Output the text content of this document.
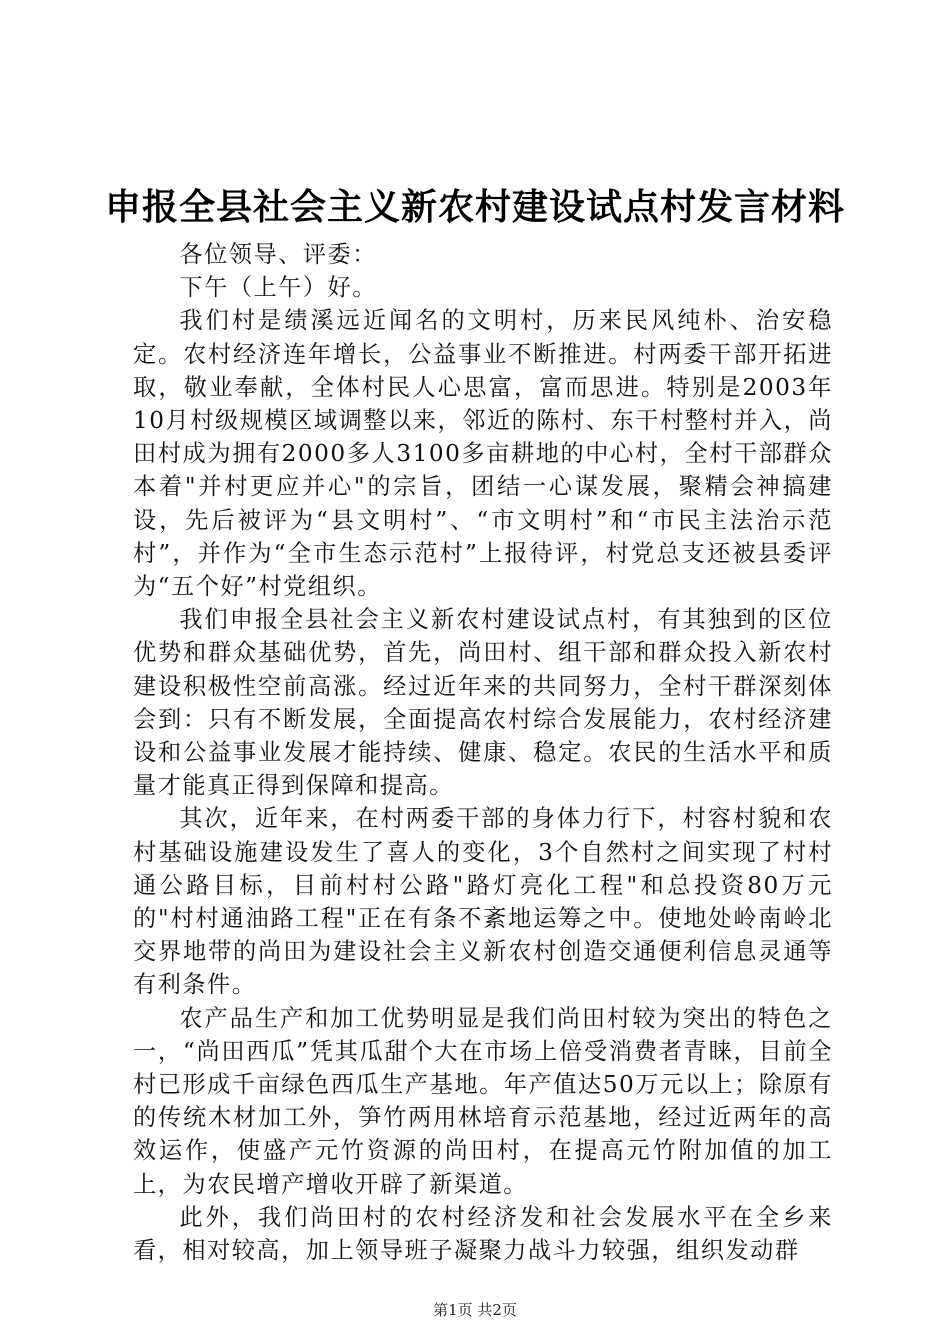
申报全县社会主义新农村建设试点村发言材料

各位领导、评委：

下午（上午）好。

我们村是绩溪远近闻名的文明村，历来民风纯朴、治安稳定。农村经济连年增长，公益事业不断推进。村两委干部开拓进取，敬业奉献，全体村民人心思富，富而思进。特别是2003年10月村级规模区域调整以来，邻近的陈村、东干村整村并入，尚田村成为拥有2000多人3100多亩耕地的中心村，全村干部群众本着"并村更应并心"的宗旨，团结一心谋发展，聚精会神搞建设，先后被评为“县文明村”、“市文明村”和“市民主法治示范村”，并作为“全市生态示范村”上报待评，村党总支还被县委评为“五个好”村党组织。

我们申报全县社会主义新农村建设试点村，有其独到的区位优势和群众基础优势，首先，尚田村、组干部和群众投入新农村建设积极性空前高涨。经过近年来的共同努力，全村干群深刻体会到：只有不断发展，全面提高农村综合发展能力，农村经济建设和公益事业发展才能持续、健康、稳定。农民的生活水平和质量才能真正得到保障和提高。

其次，近年来，在村两委干部的身体力行下，村容村貌和农村基础设施建设发生了喜人的变化，3个自然村之间实现了村村通公路目标，目前村村公路"路灯亮化工程"和总投资80万元的"村村通油路工程"正在有条不紊地运筹之中。使地处岭南岭北交界地带的尚田为建设社会主义新农村创造交通便利信息灵通等有利条件。

农产品生产和加工优势明显是我们尚田村较为突出的特色之一，“尚田西瓜”凭其瓜甜个大在市场上倍受消费者青睐，目前全村已形成千亩绿色西瓜生产基地。年产值达50万元以上；除原有的传统木材加工外，笋竹两用林培育示范基地，经过近两年的高效运作，使盛产元竹资源的尚田村，在提高元竹附加值的加工上，为农民增产增收开辟了新渠道。

此外，我们尚田村的农村经济发和社会发展水平在全乡来看，相对较高，加上领导班子凝聚力战斗力较强，组织发动群

第1页 共2页
